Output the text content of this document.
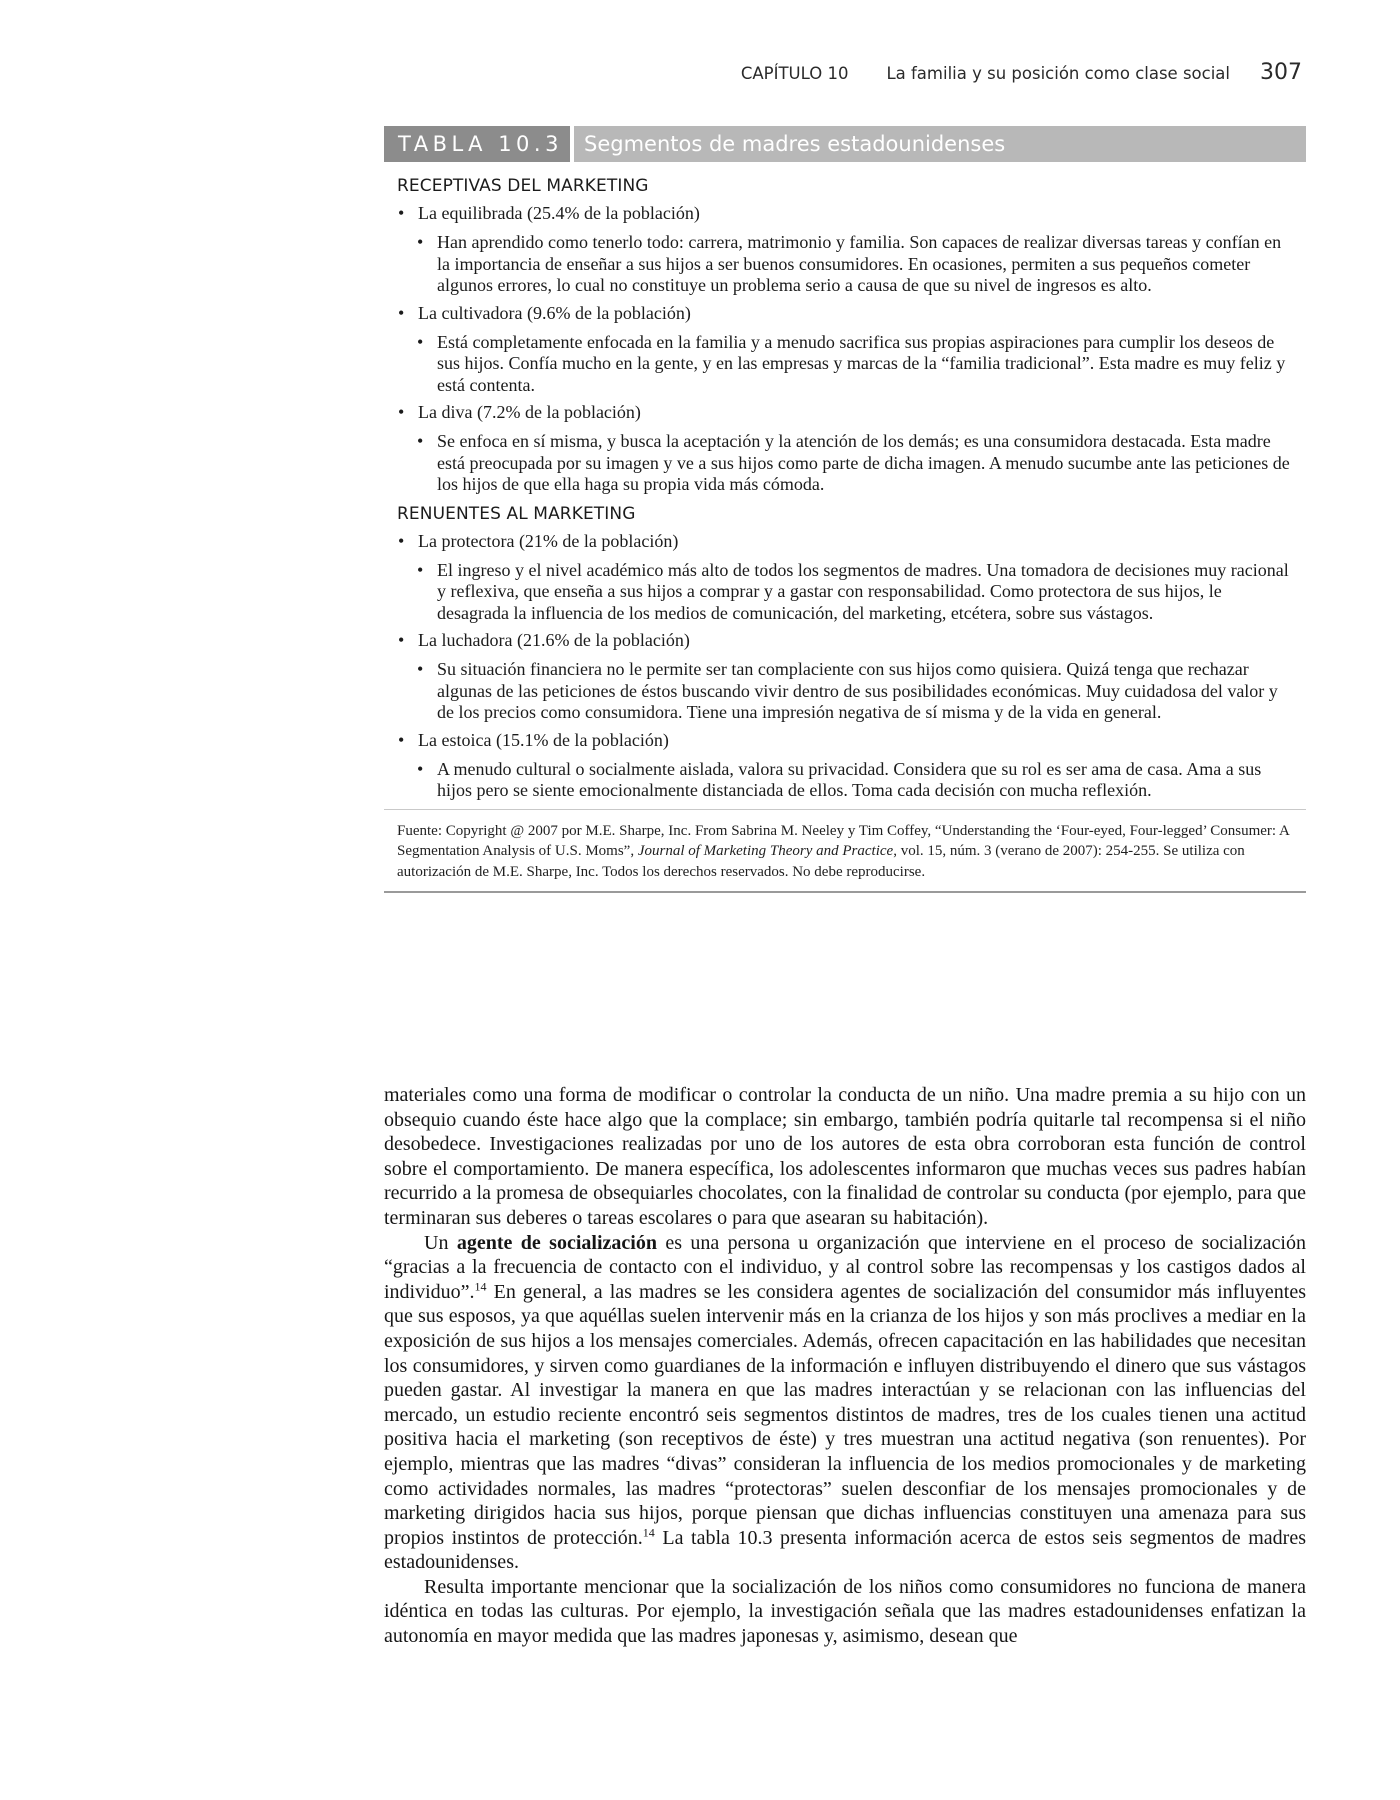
CAPÍTULO 10 La familia y su posición como clase social 307
TABLA 10.3	Segmentos de madres estadounidenses
RECEPTIVAS DEL MARKETING
• La equilibrada (25.4% de la población)
• Han aprendido como tenerlo todo: carrera, matrimonio y familia. Son capaces de realizar diversas tareas y confían en la importancia de enseñar a sus hijos a ser buenos consumidores. En ocasiones, permiten a sus pequeños cometer algunos errores, lo cual no constituye un problema serio a causa de que su nivel de ingresos es alto.
• La cultivadora (9.6% de la población)
• Está completamente enfocada en la familia y a menudo sacrifica sus propias aspiraciones para cumplir los deseos de sus hijos. Confía mucho en la gente, y en las empresas y marcas de la “familia tradicional”. Esta madre es muy feliz y está contenta.
• La diva (7.2% de la población)
• Se enfoca en sí misma, y busca la aceptación y la atención de los demás; es una consumidora destacada. Esta madre está preocupada por su imagen y ve a sus hijos como parte de dicha imagen. A menudo sucumbe ante las peticiones de los hijos de que ella haga su propia vida más cómoda.
RENUENTES AL MARKETING
• La protectora (21% de la población)
• El ingreso y el nivel académico más alto de todos los segmentos de madres. Una tomadora de decisiones muy racional y reflexiva, que enseña a sus hijos a comprar y a gastar con responsabilidad. Como protectora de sus hijos, le desagrada la influencia de los medios de comunicación, del marketing, etcétera, sobre sus vástagos.
• La luchadora (21.6% de la población)
• Su situación financiera no le permite ser tan complaciente con sus hijos como quisiera. Quizá tenga que rechazar algunas de las peticiones de éstos buscando vivir dentro de sus posibilidades económicas. Muy cuidadosa del valor y de los precios como consumidora. Tiene una impresión negativa de sí misma y de la vida en general.
• La estoica (15.1% de la población)
• A menudo cultural o socialmente aislada, valora su privacidad. Considera que su rol es ser ama de casa. Ama a sus hijos pero se siente emocionalmente distanciada de ellos. Toma cada decisión con mucha reflexión.
Fuente: Copyright @ 2007 por M.E. Sharpe, Inc. From Sabrina M. Neeley y Tim Coffey, “Understanding the ‘Four-eyed, Four-legged’ Consumer: A Segmentation Analysis of U.S. Moms”, Journal of Marketing Theory and Practice, vol. 15, núm. 3 (verano de 2007): 254-255. Se utiliza con autorización de M.E. Sharpe, Inc. Todos los derechos reservados. No debe reproducirse.

materiales como una forma de modificar o controlar la conducta de un niño. Una madre premia a su hijo con un obsequio cuando éste hace algo que la complace; sin embargo, también podría quitarle tal recompensa si el niño desobedece. Investigaciones realizadas por uno de los autores de esta obra corroboran esta función de control sobre el comportamiento. De manera específica, los adolescentes informaron que muchas veces sus padres habían recurrido a la promesa de obsequiarles chocolates, con la finalidad de controlar su conducta (por ejemplo, para que terminaran sus deberes o tareas escolares o para que asearan su habitación).

Un agente de socialización es una persona u organización que interviene en el proceso de socialización “gracias a la frecuencia de contacto con el individuo, y al control sobre las recompensas y los castigos dados al individuo”.$^{14}$ En general, a las madres se les considera agentes de socialización del consumidor más influyentes que sus esposos, ya que aquéllas suelen intervenir más en la crianza de los hijos y son más proclives a mediar en la exposición de sus hijos a los mensajes comerciales. Además, ofrecen capacitación en las habilidades que necesitan los consumidores, y sirven como guardianes de la información e influyen distribuyendo el dinero que sus vástagos pueden gastar. Al investigar la manera en que las madres interactúan y se relacionan con las influencias del mercado, un estudio reciente encontró seis segmentos distintos de madres, tres de los cuales tienen una actitud positiva hacia el marketing (son receptivos de éste) y tres muestran una actitud negativa (son renuentes). Por ejemplo, mientras que las madres “divas” consideran la influencia de los medios promocionales y de marketing como actividades normales, las madres “protectoras” suelen desconfiar de los mensajes promocionales y de marketing dirigidos hacia sus hijos, porque piensan que dichas influencias constituyen una amenaza para sus propios instintos de protección.$^{14}$ La tabla 10.3 presenta información acerca de estos seis segmentos de madres estadounidenses.

Resulta importante mencionar que la socialización de los niños como consumidores no funciona de manera idéntica en todas las culturas. Por ejemplo, la investigación señala que las madres estadounidenses enfatizan la autonomía en mayor medida que las madres japonesas y, asimismo, desean que
